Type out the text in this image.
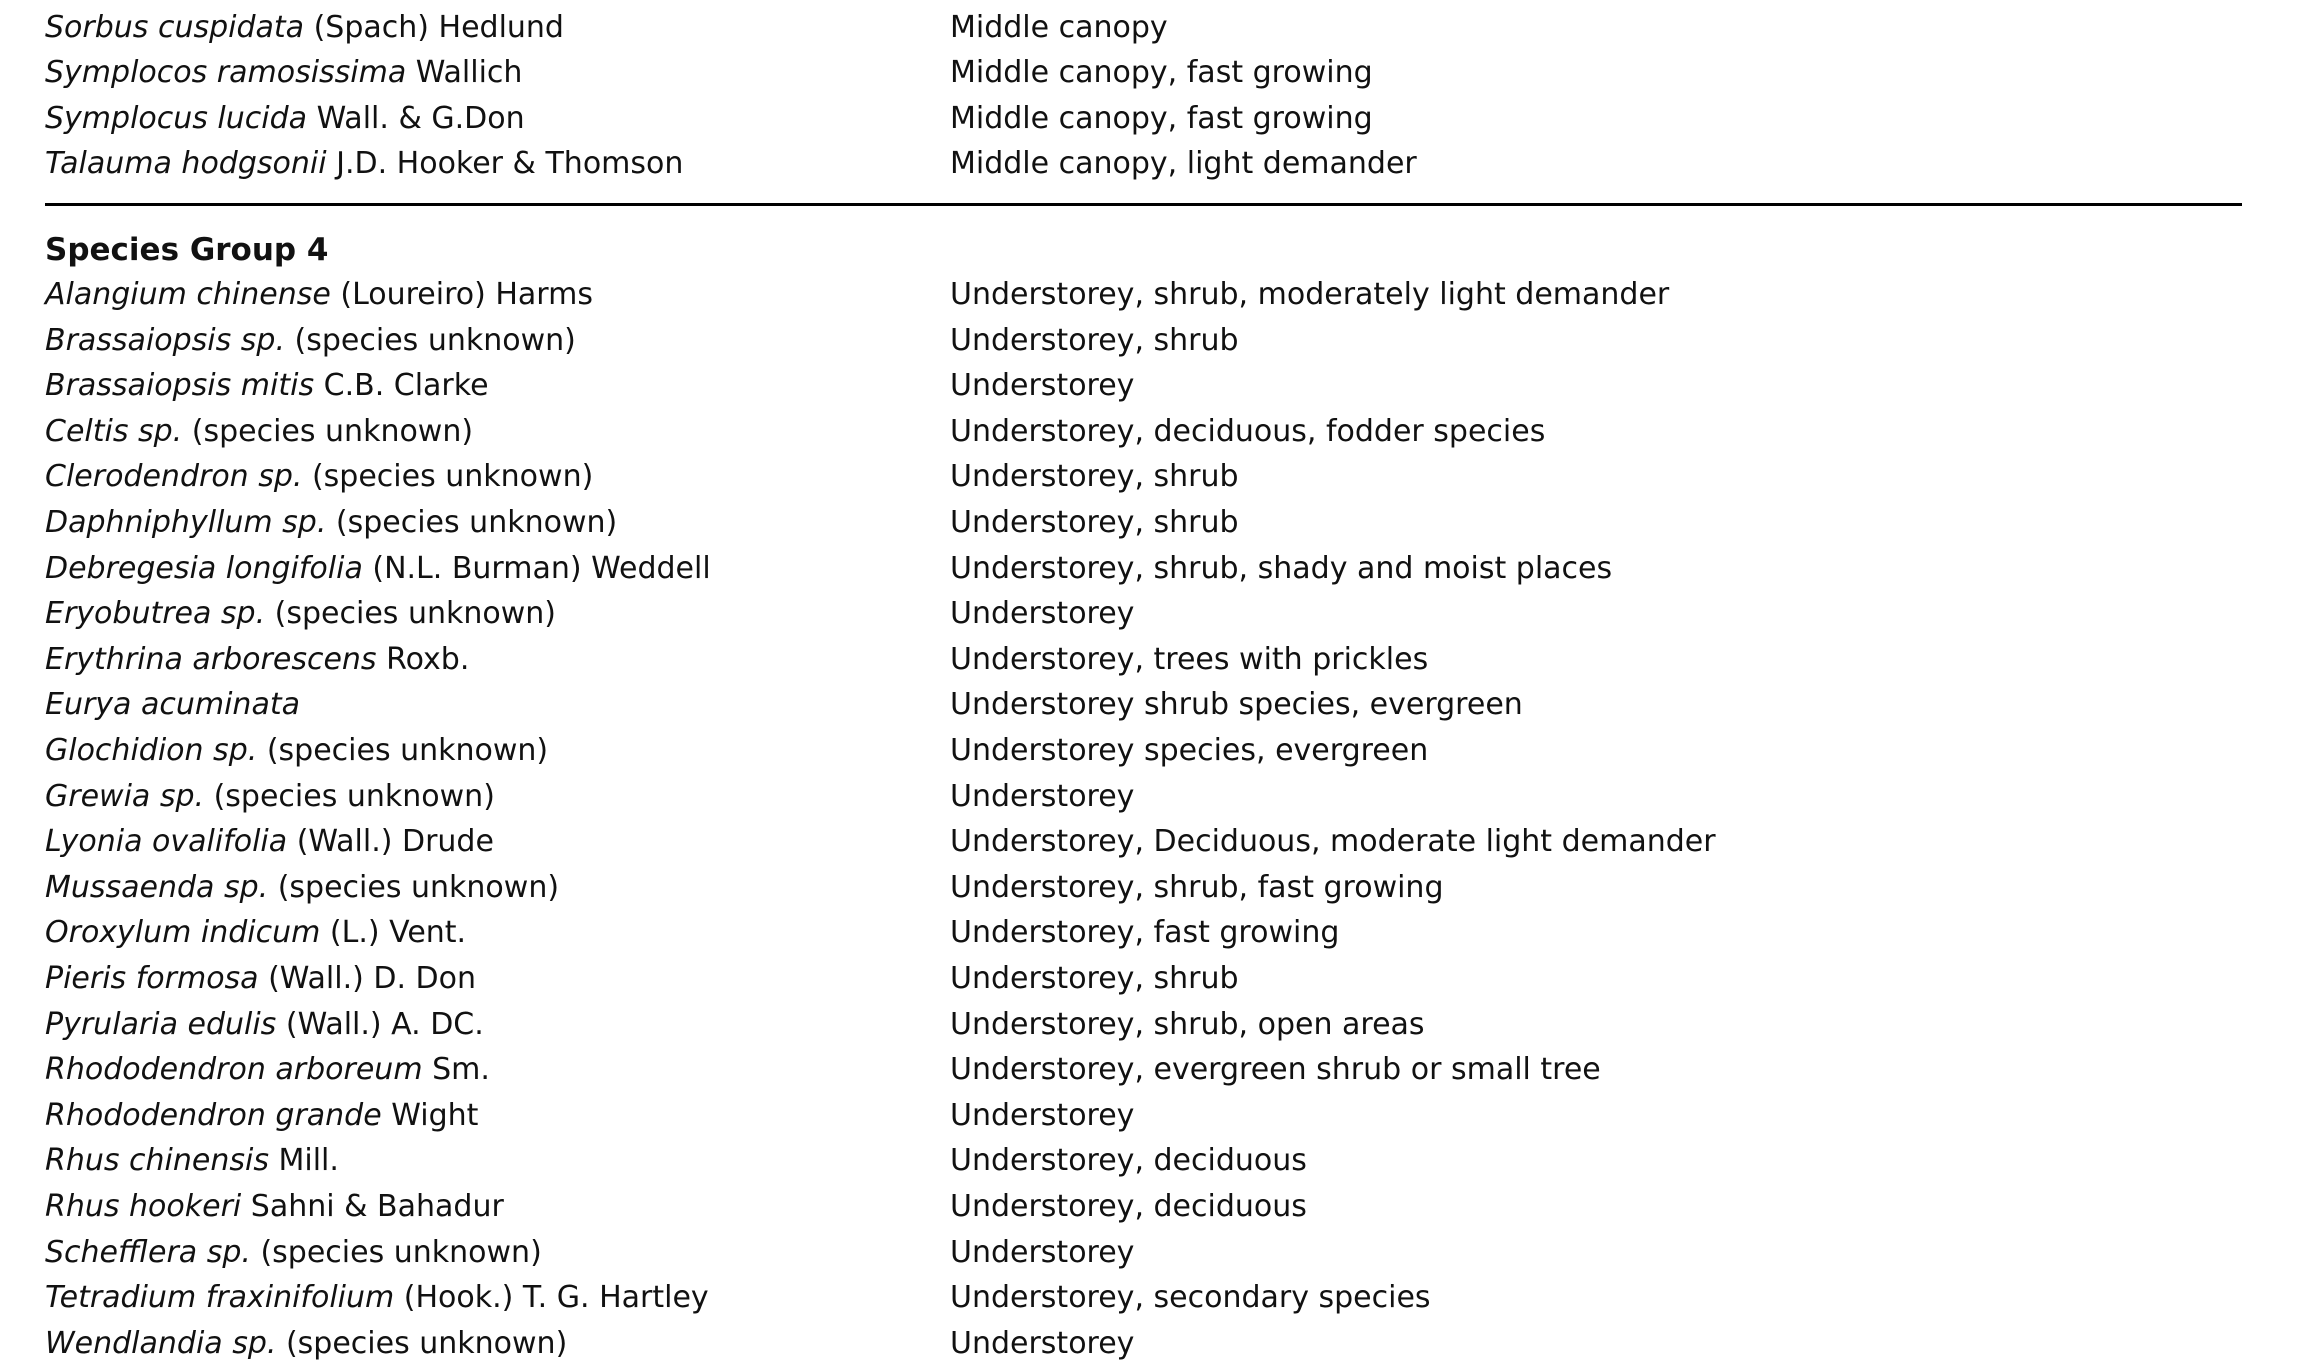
Sorbus cuspidata (Spach) Hedlund	Middle canopy
Symplocos ramosissima Wallich	Middle canopy, fast growing
Symplocus lucida Wall. & G.Don	Middle canopy, fast growing
Talauma hodgsonii J.D. Hooker & Thomson	Middle canopy, light demander
Species Group 4
Alangium chinense (Loureiro) Harms	Understorey, shrub, moderately light demander
Brassaiopsis sp. (species unknown)	Understorey, shrub
Brassaiopsis mitis C.B. Clarke	Understorey
Celtis sp. (species unknown)	Understorey, deciduous, fodder species
Clerodendron sp. (species unknown)	Understorey, shrub
Daphniphyllum sp. (species unknown)	Understorey, shrub
Debregesia longifolia (N.L. Burman) Weddell	Understorey, shrub, shady and moist places
Eryobutrea sp. (species unknown)	Understorey
Erythrina arborescens Roxb.	Understorey, trees with prickles
Eurya acuminata	Understorey shrub species, evergreen
Glochidion sp. (species unknown)	Understorey species, evergreen
Grewia sp. (species unknown)	Understorey
Lyonia ovalifolia (Wall.) Drude	Understorey, Deciduous, moderate light demander
Mussaenda sp. (species unknown)	Understorey, shrub, fast growing
Oroxylum indicum (L.) Vent.	Understorey, fast growing
Pieris formosa (Wall.) D. Don	Understorey, shrub
Pyrularia edulis (Wall.) A. DC.	Understorey, shrub, open areas
Rhododendron arboreum Sm.	Understorey, evergreen shrub or small tree
Rhododendron grande Wight	Understorey
Rhus chinensis Mill.	Understorey, deciduous
Rhus hookeri Sahni & Bahadur	Understorey, deciduous
Schefflera sp. (species unknown)	Understorey
Tetradium fraxinifolium (Hook.) T. G. Hartley	Understorey, secondary species
Wendlandia sp. (species unknown)	Understorey
